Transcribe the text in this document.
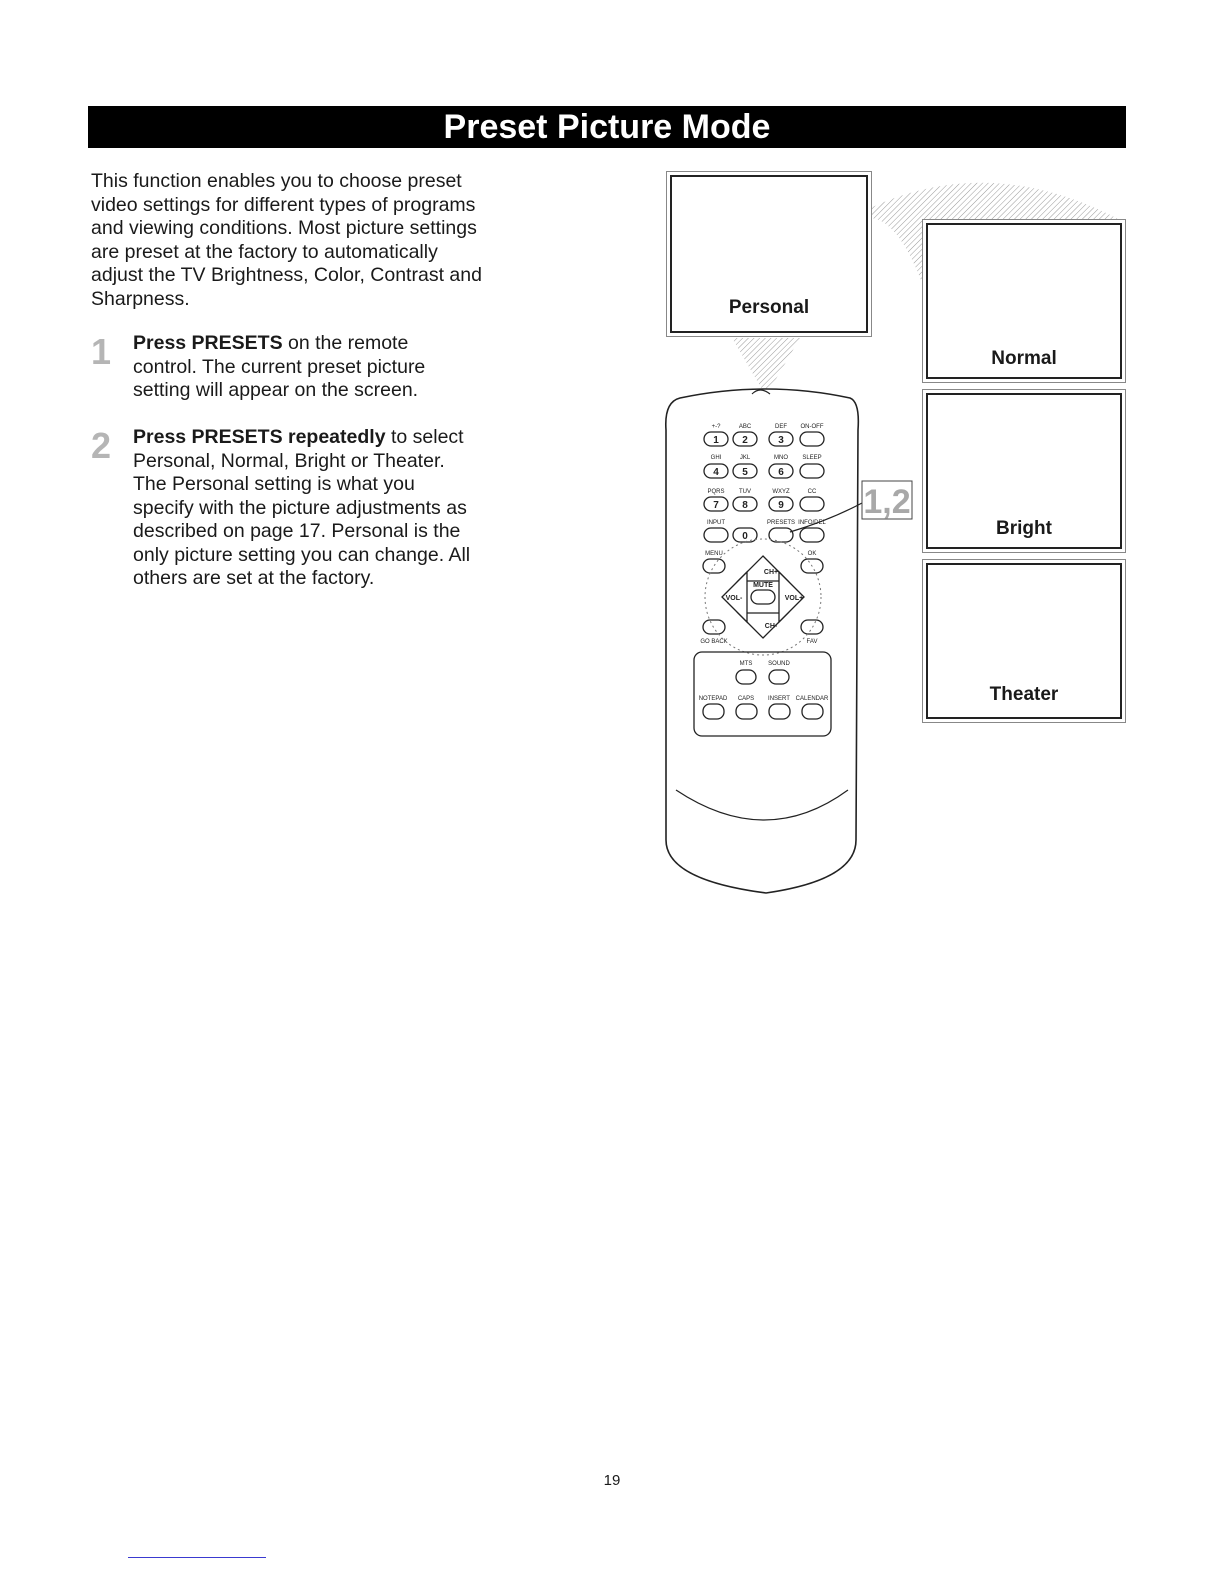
Preset Picture Mode

This function enables you to choose preset video settings for different types of programs and viewing conditions. Most picture settings are preset at the factory to automatically adjust the TV Brightness, Color, Contrast and Sharpness.

1 Press PRESETS on the remote control. The current preset picture setting will appear on the screen.
2 Press PRESETS repeatedly to select Personal, Normal, Bright or Theater. The Personal setting is what you specify with the picture adjustments as described on page 17. Personal is the only picture setting you can change. All others are set at the factory.
+-?	ABC	DEF ON-OFF
GHI	JKL	MNO SLEEP
PQRS TUV	WXYZ	CC
INPUT	PRESETS INFO/DEL
MENU	OK
GO BACK	FAV
MTS	SOUND
NOTEPAD CAPS INSERT CALENDAR
1 2	3
4 5	6
7 8	9
0
CH+
CH-
VOL-	VOL+
MUTE
1,2
Personal
Normal
Bright
Theater
19
